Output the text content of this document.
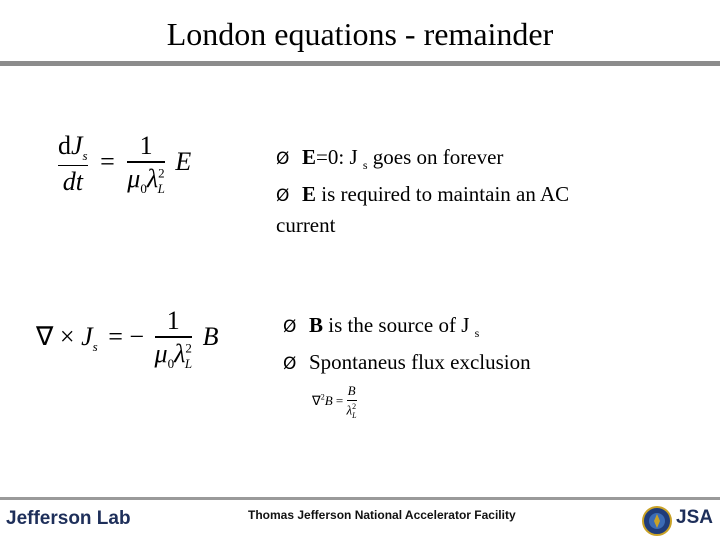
London equations - remainder
$\frac{dJ_s}{dt} = \frac{1}{\mu_0\lambda^2_L}$ E
∇ × $J_s$ = − $\frac{1}{\mu_0\lambda^2_L}$ B
Ø E=0: J $_s$ goes on forever
Ø E is required to maintain an AC
current
Ø B is the source of J $_s$
Ø Spontaneus flux exclusion
$\nabla^2B = \frac{B}{\lambda^2_L}$
Jefferson Lab	Thomas Jefferson National Accelerator Facility	JSA
